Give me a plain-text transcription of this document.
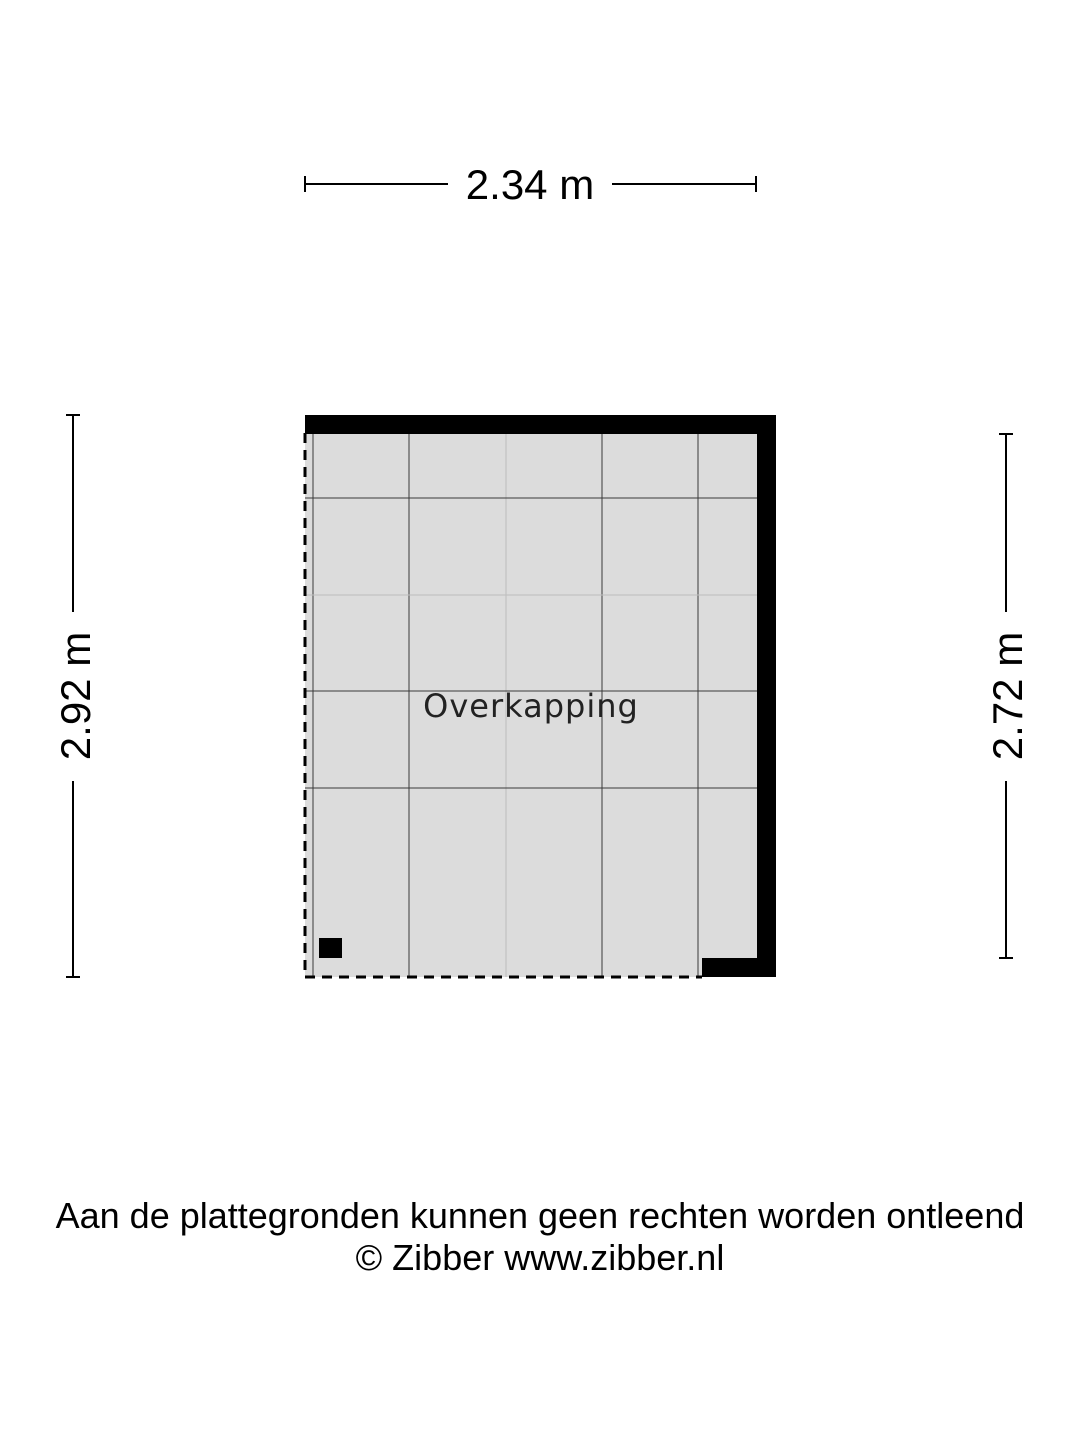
2.34 m
2.92 m	2.72 m
Overkapping

Aan de plattegronden kunnen geen rechten worden ontleend

© Zibber www.zibber.nl
